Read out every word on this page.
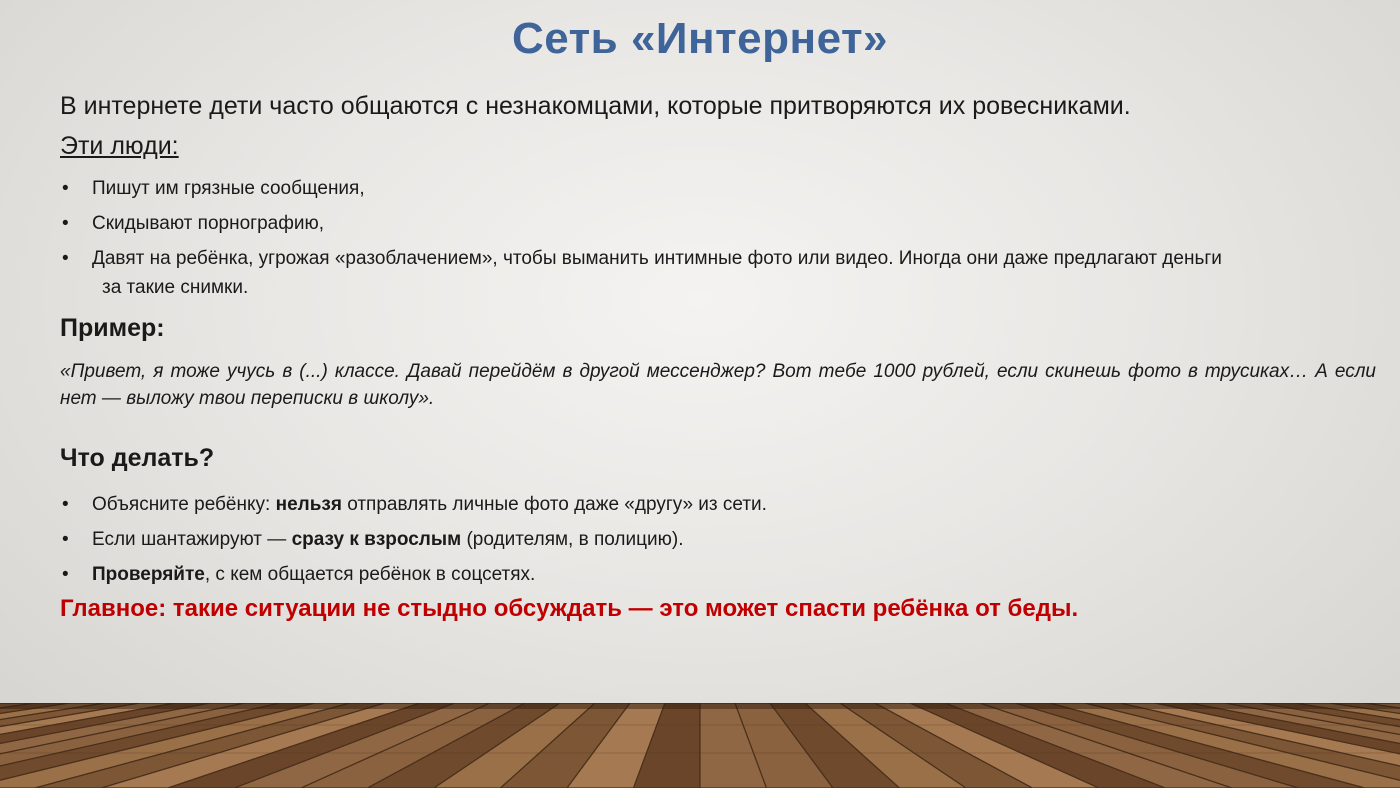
Сеть «Интернет»
В интернете дети часто общаются с незнакомцами, которые притворяются их ровесниками.
Эти люди:
• Пишут им грязные сообщения,
• Скидывают порнографию,
• Давят на ребёнка, угрожая «разоблачением», чтобы выманить интимные фото или видео. Иногда они даже предлагают деньги
за такие снимки.
Пример:
«Привет, я тоже учусь в (...) классе. Давай перейдём в другой мессенджер? Вот тебе 1000 рублей, если скинешь фото в трусиках… А если нет — выложу твои переписки в школу».
Что делать?
• Объясните ребёнку: нельзя отправлять личные фото даже «другу» из сети.
• Если шантажируют — сразу к взрослым (родителям, в полицию).
• Проверяйте, с кем общается ребёнок в соцсетях.
Главное: такие ситуации не стыдно обсуждать — это может спасти ребёнка от беды.
